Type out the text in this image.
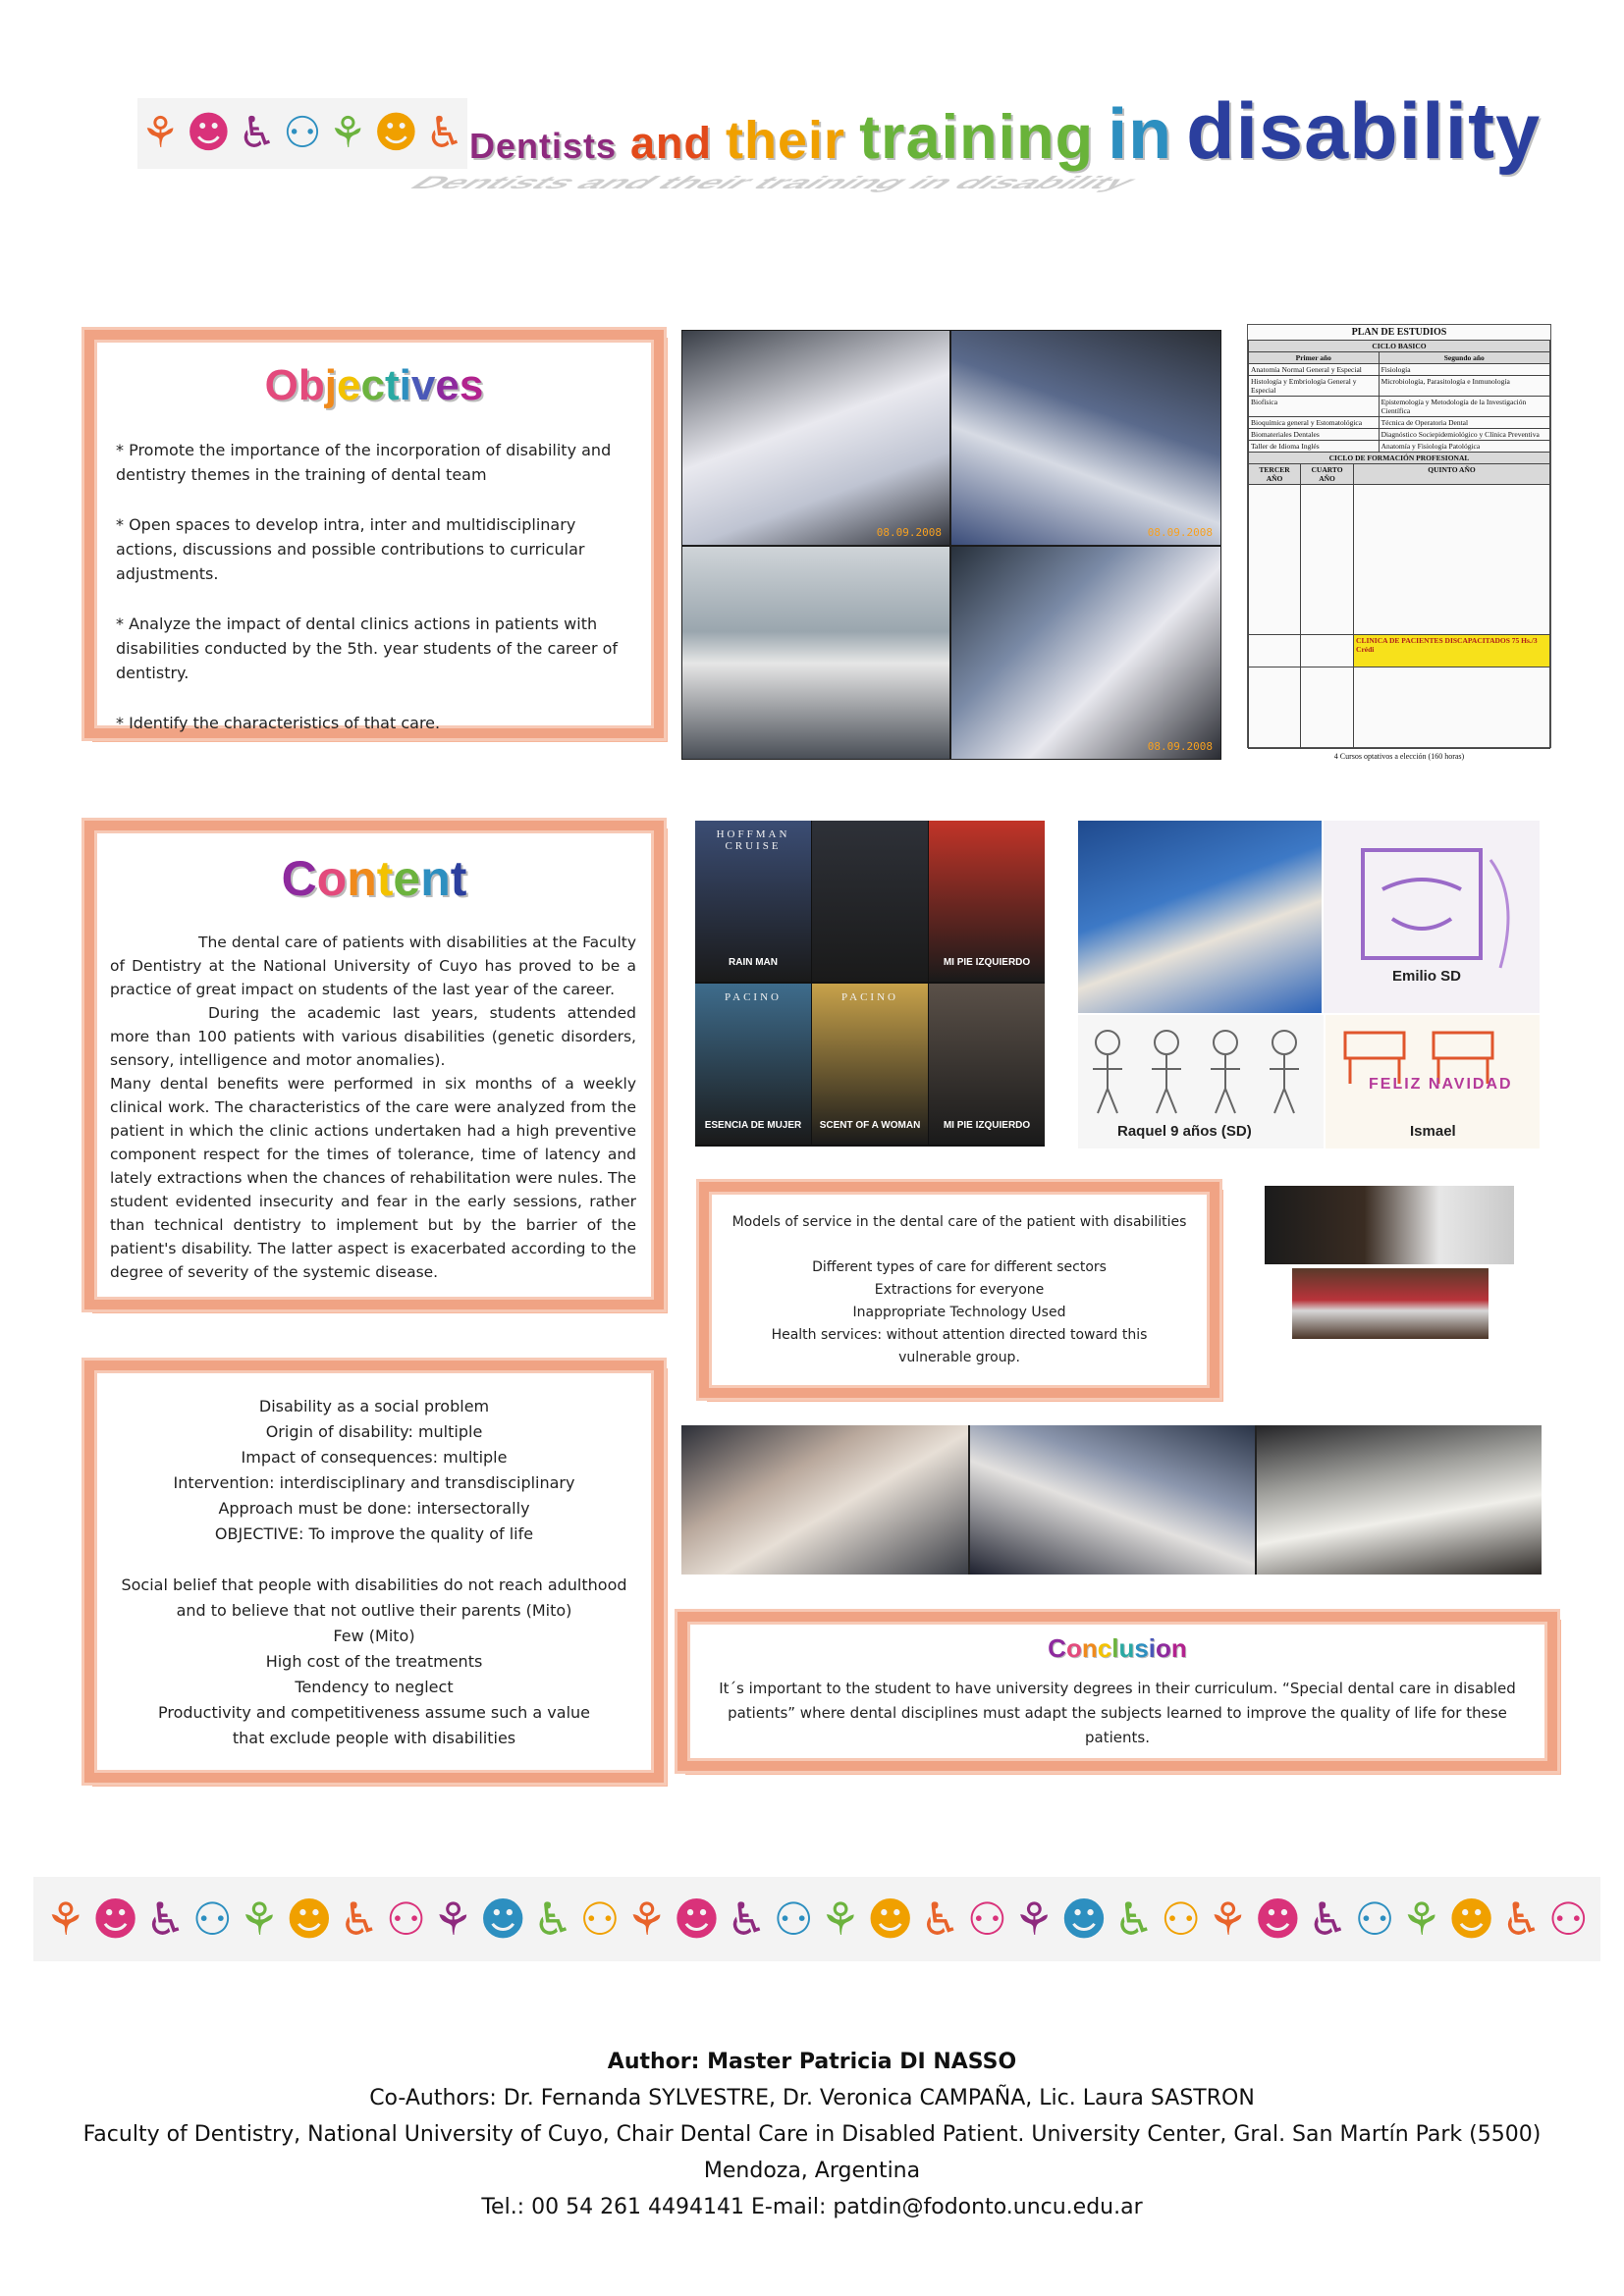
⚘ ☻ ♿ ⚇ ⚘ ☻ ♿ Dentists and their training in disability
Dentists and their training in disability
Objectives

* Promote the importance of the incorporation of disability and dentistry themes in the training of dental team

* Open spaces to develop intra, inter and multidisciplinary actions, discussions and possible contributions to curricular adjustments.

* Analyze the impact of dental clinics actions in patients with disabilities conducted by the 5th. year students of the career of dentistry.

* Identify the characteristics of that care.

08.09.2008	08.09.2008
08.09.2008
PLAN DE ESTUDIOS
CICLO BASICO	
Primer año	Segundo año
Anatomía Normal General y Especial	Fisiología
Histología y Embriología General y Especial	Microbiología, Parasitología e Inmunología
Biofísica	Epistemología y Metodología de la Investigación Científica
Bioquímica general y Estomatológica	Técnica de Operatoria Dental
Biomateriales Dentales	Diagnóstico Sociepidemiológico y Clínica Preventiva
Taller de Idioma Inglés	Anatomía y Fisiología Patológica
CICLO DE FORMACIÓN PROFESIONAL		
TERCER AÑO	CUARTO AÑO	QUINTO AÑO

		CLINICA DE PACIENTES DISCAPACITADOS 75 Hs./3 Crédi

4 Cursos optativos a elección (160 horas)
Content
The dental care of patients with disabilities at the Faculty of Dentistry at the National University of Cuyo has proved to be a practice of great impact on students of the last year of the career.
During the academic last years, students attended more than 100 patients with various disabilities (genetic disorders, sensory, intelligence and motor anomalies).
Many dental benefits were performed in six months of a weekly clinical work. The characteristics of the care were analyzed from the patient in which the clinic actions undertaken had a high preventive component respect for the times of tolerance, time of latency and lately extractions when the chances of rehabilitation were nules. The student evidented insecurity and fear in the early sessions, rather than technical dentistry to implement but by the barrier of the patient's disability. The latter aspect is exacerbated according to the degree of severity of the systemic disease.
HOFFMAN CRUISE
RAIN MAN	MI PIE IZQUIERDO
PACINO
ESENCIA DE MUJER
PACINO
SCENT OF A WOMAN	MI PIE IZQUIERDO
Emilio SD
Raquel 9 años (SD)
FELIZ NAVIDAD
Ismael
Models of service in the dental care of the patient with disabilities
Different types of care for different sectors
Extractions for everyone
Inappropriate Technology Used
Health services: without attention directed toward this vulnerable group.
Disability as a social problem
Origin of disability: multiple
Impact of consequences: multiple
Intervention: interdisciplinary and transdisciplinary
Approach must be done: intersectorally
OBJECTIVE: To improve the quality of life
Social belief that people with disabilities do not reach adulthood and to believe that not outlive their parents (Mito)
Few (Mito)
High cost of the treatments
Tendency to neglect
Productivity and competitiveness assume such a value that exclude people with disabilities
Conclusion
It´s important to the student to have university degrees in their curriculum. “Special dental care in disabled patients” where dental disciplines must adapt the subjects learned to improve the quality of life for these patients.
⚘ ☻ ♿ ⚇ ⚘ ☻ ♿ ⚇ ⚘ ☻ ♿ ⚇ ⚘ ☻ ♿ ⚇ ⚘ ☻ ♿ ⚇ ⚘ ☻ ♿ ⚇ ⚘ ☻ ♿ ⚇ ⚘ ☻ ♿ ⚇
Author: Master Patricia DI NASSO
Co-Authors: Dr. Fernanda SYLVESTRE, Dr. Veronica CAMPAÑA, Lic. Laura SASTRON
Faculty of Dentistry, National University of Cuyo, Chair Dental Care in Disabled Patient. University Center, Gral. San Martín Park (5500)
Mendoza, Argentina
Tel.: 00 54 261 4494141 E-mail: patdin@fodonto.uncu.edu.ar
